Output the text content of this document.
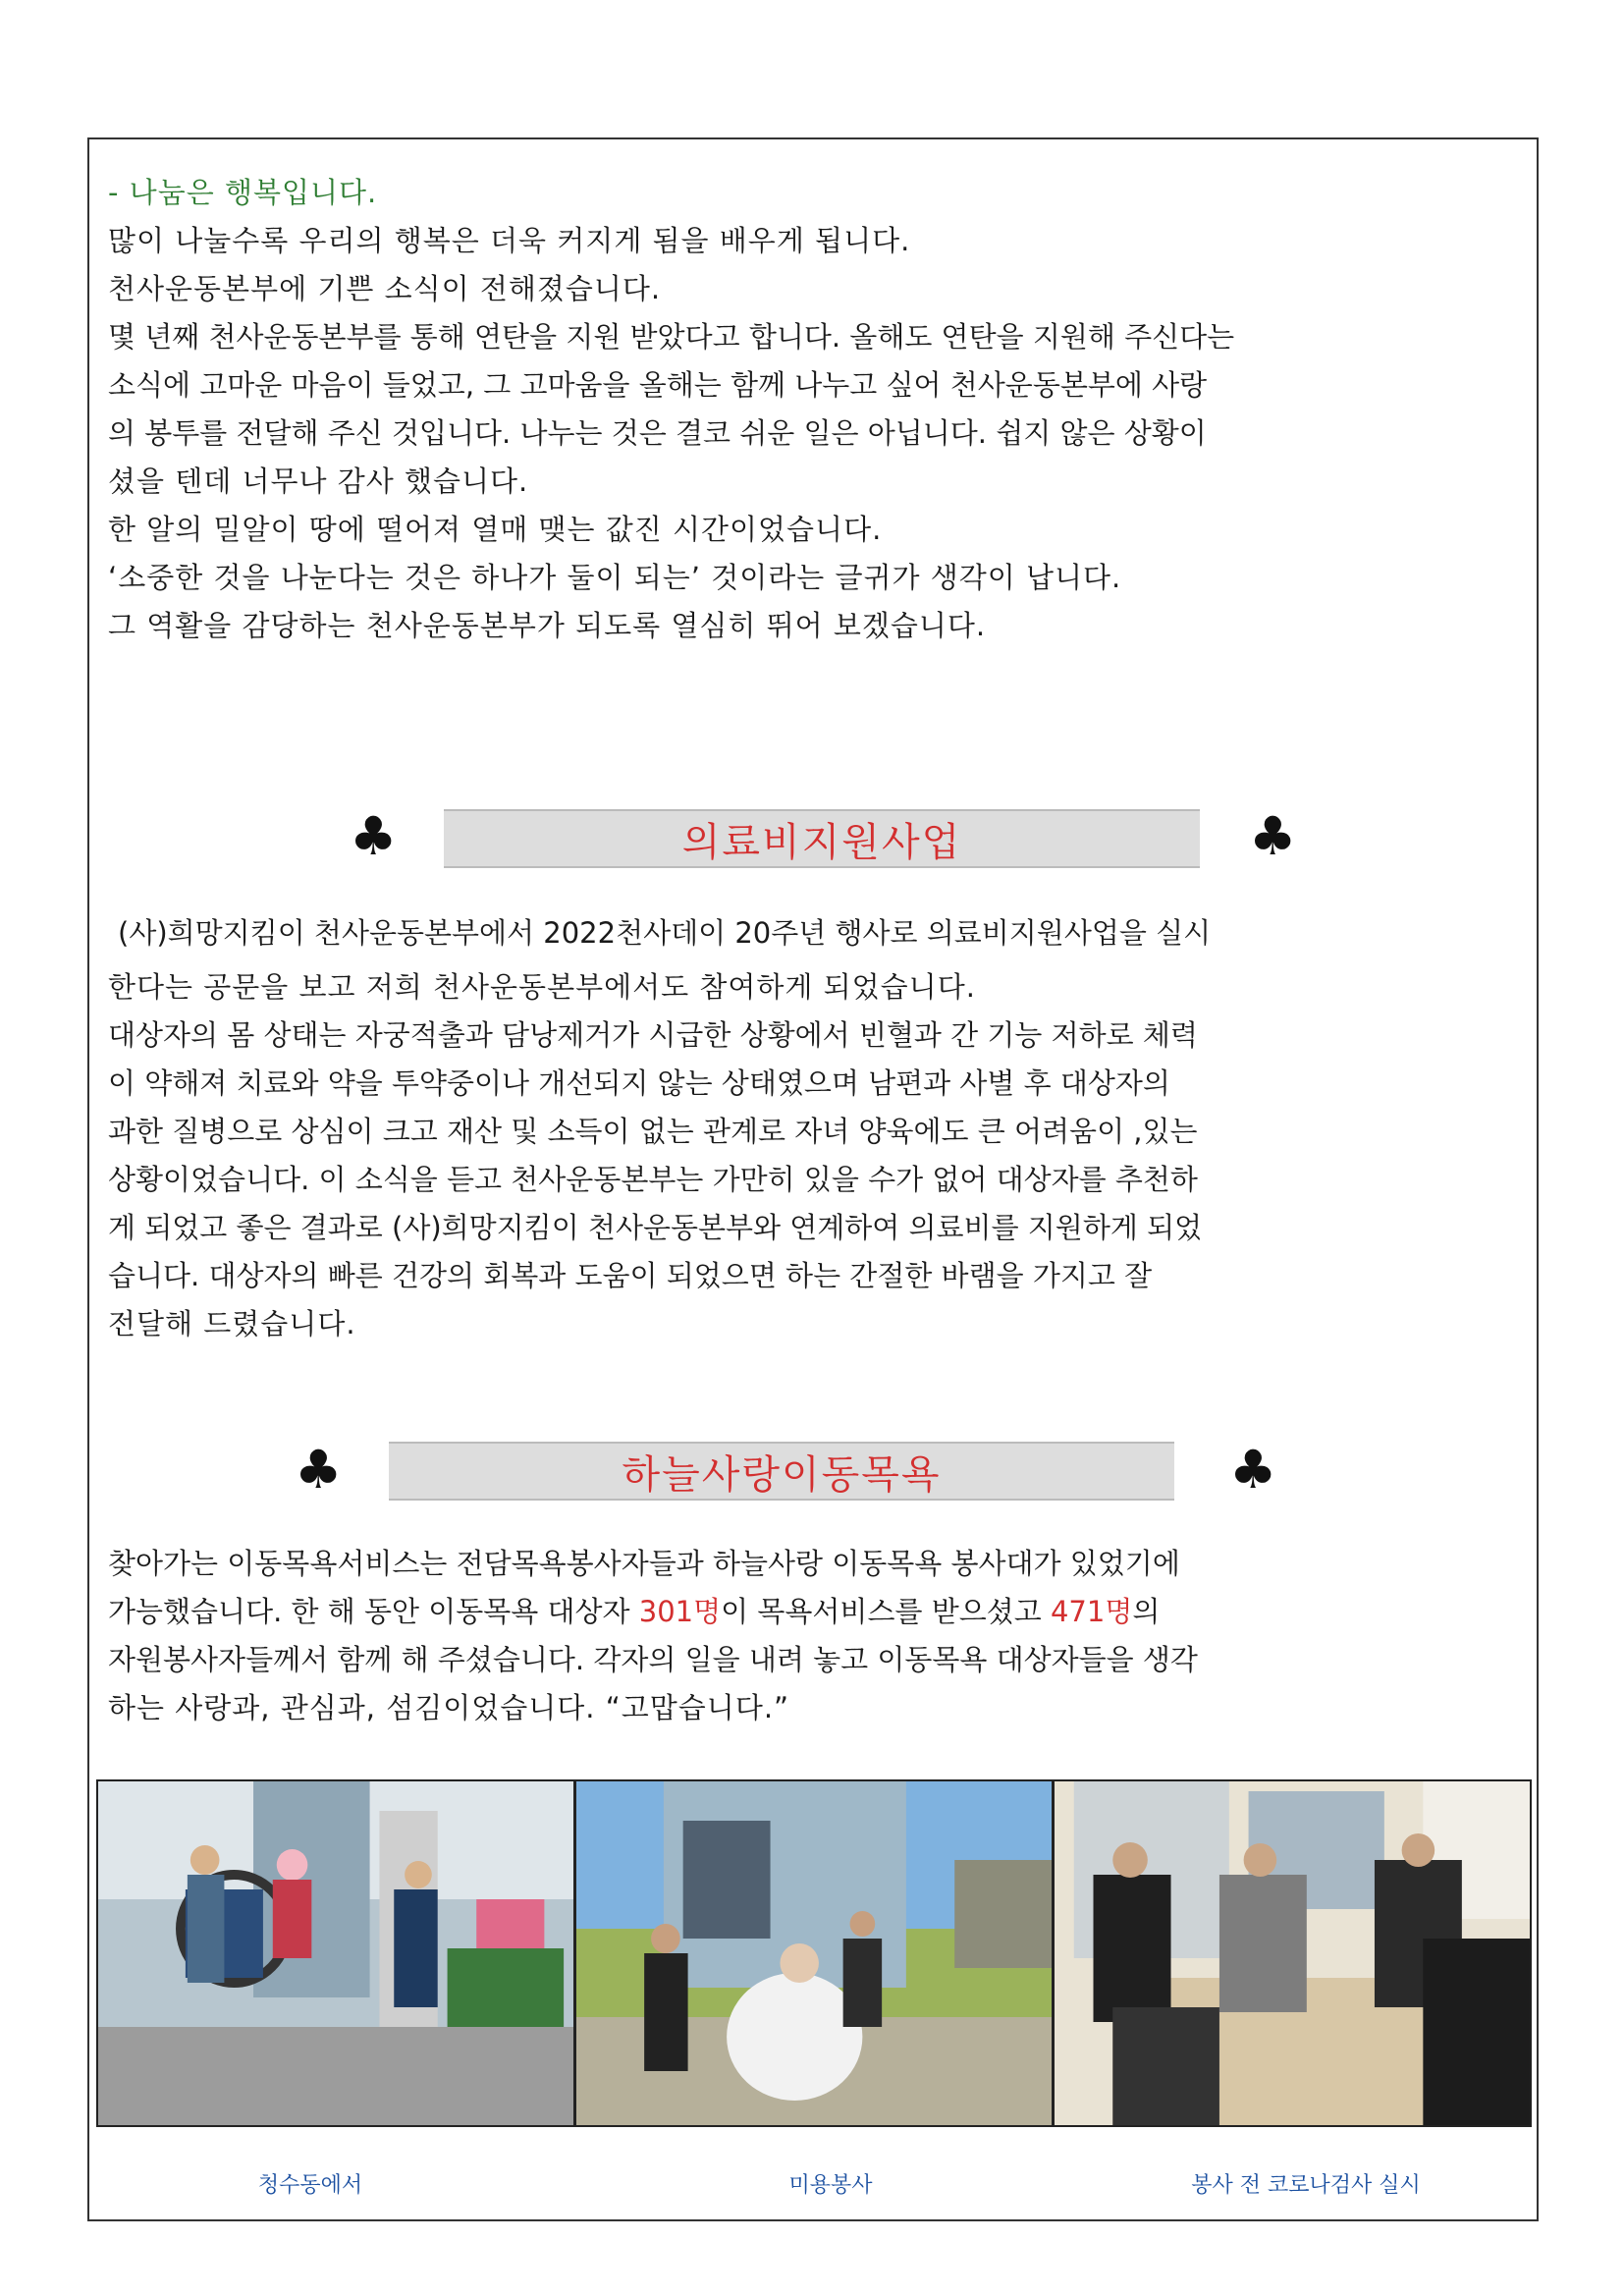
- 나눔은 행복입니다.
많이 나눌수록 우리의 행복은 더욱 커지게 됨을 배우게 됩니다.
천사운동본부에 기쁜 소식이 전해졌습니다.
몇 년째 천사운동본부를 통해 연탄을 지원 받았다고 합니다. 올해도 연탄을 지원해 주신다는
소식에 고마운 마음이 들었고, 그 고마움을 올해는 함께 나누고 싶어 천사운동본부에 사랑
의 봉투를 전달해 주신 것입니다. 나누는 것은 결코 쉬운 일은 아닙니다. 쉽지 않은 상황이
셨을 텐데 너무나 감사 했습니다.
한 알의 밀알이 땅에 떨어져 열매 맺는 값진 시간이었습니다.
‘소중한 것을 나눈다는 것은 하나가 둘이 되는’ 것이라는 글귀가 생각이 납니다.
그 역활을 감당하는 천사운동본부가 되도록 열심히 뛰어 보겠습니다.
♣	의료비지원사업	♣
(사)희망지킴이 천사운동본부에서 2022천사데이 20주년 행사로 의료비지원사업을 실시
한다는 공문을 보고 저희 천사운동본부에서도 참여하게 되었습니다.
대상자의 몸 상태는 자궁적출과 담낭제거가 시급한 상황에서 빈혈과 간 기능 저하로 체력
이 약해져 치료와 약을 투약중이나 개선되지 않는 상태였으며 남편과 사별 후 대상자의
과한 질병으로 상심이 크고 재산 및 소득이 없는 관계로 자녀 양육에도 큰 어려움이 ,있는
상황이었습니다. 이 소식을 듣고 천사운동본부는 가만히 있을 수가 없어 대상자를 추천하
게 되었고 좋은 결과로 (사)희망지킴이 천사운동본부와 연계하여 의료비를 지원하게 되었
습니다. 대상자의 빠른 건강의 회복과 도움이 되었으면 하는 간절한 바램을 가지고 잘
전달해 드렸습니다.
♣	하늘사랑이동목욕	♣
찾아가는 이동목욕서비스는 전담목욕봉사자들과 하늘사랑 이동목욕 봉사대가 있었기에
가능했습니다. 한 해 동안 이동목욕 대상자 301명이 목욕서비스를 받으셨고 471명의
자원봉사자들께서 함께 해 주셨습니다. 각자의 일을 내려 놓고 이동목욕 대상자들을 생각
하는 사랑과, 관심과, 섬김이었습니다. “고맙습니다.”
청수동에서	미용봉사	봉사 전 코로나검사 실시
